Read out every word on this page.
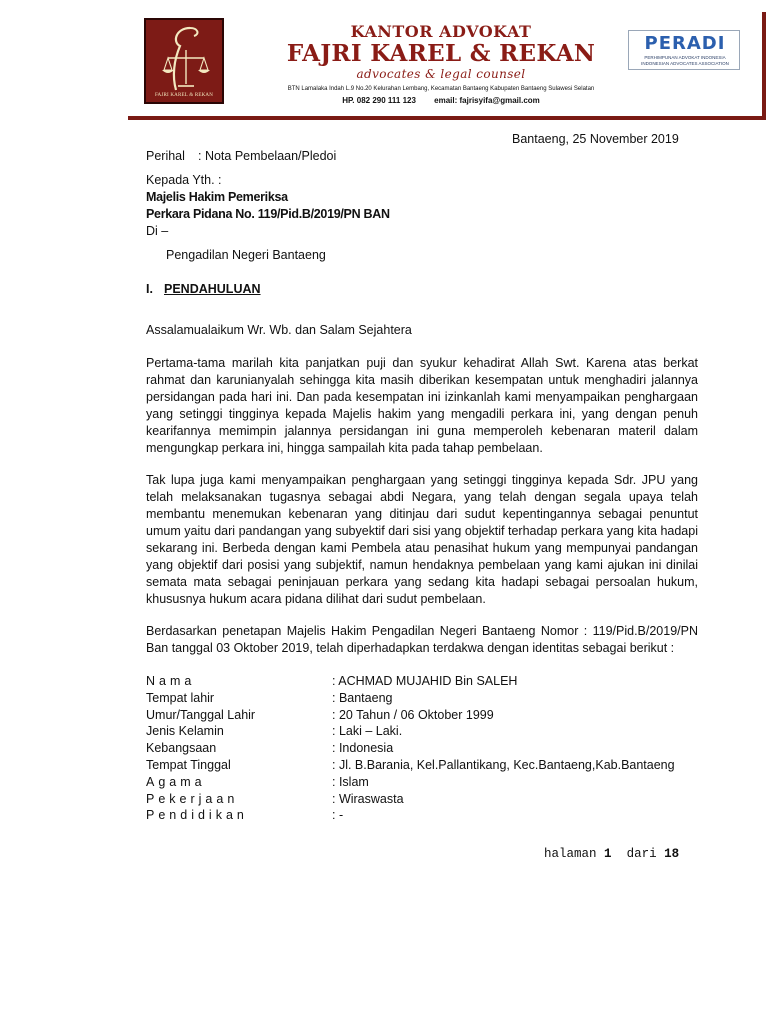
FAJRI KAREL & REKAN
KANTOR ADVOKAT
FAJRI KAREL & REKAN
advocates & legal counsel
BTN Lamalaka Indah L.9 No.20 Kelurahan Lembang, Kecamatan Bantaeng Kabupaten Bantaeng Sulawesi Selatan
HP. 082 290 111 123 email: fajrisyifa@gmail.com
PERADI
PERHIMPUNAN ADVOKAT INDONESIA
INDONESIAN ADVOCATES ASSOCIATION
Bantaeng, 25 November 2019
Perihal : Nota Pembelaan/Pledoi
Kepada Yth. :
Majelis Hakim Pemeriksa
Perkara Pidana No. 119/Pid.B/2019/PN BAN
Di –
Pengadilan Negeri Bantaeng
I. PENDAHULUAN
Assalamualaikum Wr. Wb. dan Salam Sejahtera
Pertama-tama marilah kita panjatkan puji dan syukur kehadirat Allah Swt. Karena atas berkat rahmat dan karunianyalah sehingga kita masih diberikan kesempatan untuk menghadiri jalannya persidangan pada hari ini. Dan pada kesempatan ini izinkanlah kami menyampaikan penghargaan yang setinggi tingginya kepada Majelis hakim yang mengadili perkara ini, yang dengan penuh kearifannya memimpin jalannya persidangan ini guna memperoleh kebenaran materil dalam mengungkap perkara ini, hingga sampailah kita pada tahap pembelaan.
Tak lupa juga kami menyampaikan penghargaan yang setinggi tingginya kepada Sdr. JPU yang telah melaksanakan tugasnya sebagai abdi Negara, yang telah dengan segala upaya telah membantu menemukan kebenaran yang ditinjau dari sudut kepentingannya sebagai penuntut umum yaitu dari pandangan yang subyektif dari sisi yang objektif terhadap perkara yang kita hadapi sekarang ini. Berbeda dengan kami Pembela atau penasihat hukum yang mempunyai pandangan yang objektif dari posisi yang subjektif, namun hendaknya pembelaan yang kami ajukan ini dinilai semata mata sebagai peninjauan perkara yang sedang kita hadapi sebagai persoalan hukum, khususnya hukum acara pidana dilihat dari sudut pembelaan.
Berdasarkan penetapan Majelis Hakim Pengadilan Negeri Bantaeng Nomor : 119/Pid.B/2019/PN Ban tanggal 03 Oktober 2019, telah diperhadapkan terdakwa dengan identitas sebagai berikut :
Nama	: ACHMAD MUJAHID Bin SALEH
Tempat lahir	: Bantaeng
Umur/Tanggal Lahir	: 20 Tahun / 06 Oktober 1999
Jenis Kelamin	: Laki – Laki.
Kebangsaan	: Indonesia
Tempat Tinggal	: Jl. B.Barania, Kel.Pallantikang, Kec.Bantaeng,Kab.Bantaeng
Agama	: Islam
Pekerjaan	: Wiraswasta
Pendidikan	: -
halaman 1 dari 18
